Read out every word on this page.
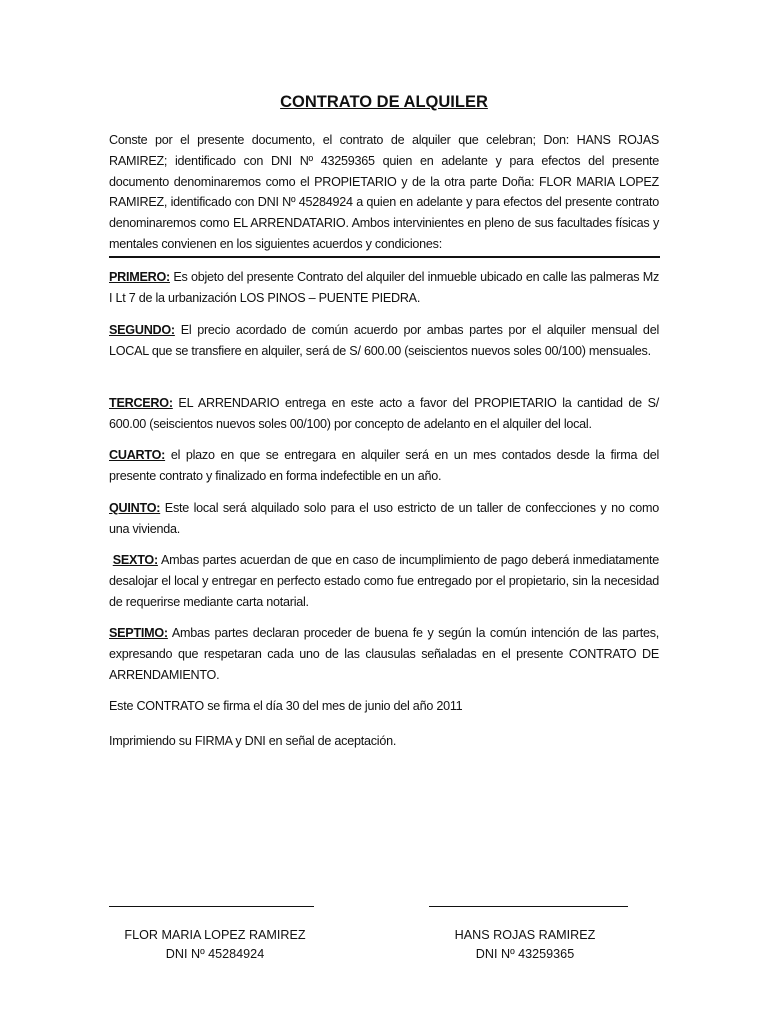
CONTRATO DE ALQUILER
Conste por el presente documento, el contrato de alquiler que celebran; Don: HANS ROJAS RAMIREZ; identificado con DNI Nº 43259365 quien en adelante y para efectos del presente documento denominaremos como el PROPIETARIO y de la otra parte Doña: FLOR MARIA LOPEZ RAMIREZ, identificado con DNI Nº 45284924 a quien en adelante y para efectos del presente contrato denominaremos como EL ARRENDATARIO. Ambos intervinientes en pleno de sus facultades físicas y mentales convienen en los siguientes acuerdos y condiciones:
PRIMERO: Es objeto del presente Contrato del alquiler del inmueble ubicado en calle las palmeras Mz I Lt 7 de la urbanización LOS PINOS – PUENTE PIEDRA.
SEGUNDO: El precio acordado de común acuerdo por ambas partes por el alquiler mensual del LOCAL que se transfiere en alquiler, será de S/ 600.00 (seiscientos nuevos soles 00/100) mensuales.
TERCERO: EL ARRENDARIO entrega en este acto a favor del PROPIETARIO la cantidad de S/ 600.00 (seiscientos nuevos soles 00/100) por concepto de adelanto en el alquiler del local.
CUARTO: el plazo en que se entregara en alquiler será en un mes contados desde la firma del presente contrato y finalizado en forma indefectible en un año.
QUINTO: Este local será alquilado solo para el uso estricto de un taller de confecciones y no como una vivienda.
SEXTO: Ambas partes acuerdan de que en caso de incumplimiento de pago deberá inmediatamente desalojar el local y entregar en perfecto estado como fue entregado por el propietario, sin la necesidad de requerirse mediante carta notarial.
SEPTIMO: Ambas partes declaran proceder de buena fe y según la común intención de las partes, expresando que respetaran cada uno de las clausulas señaladas en el presente CONTRATO DE ARRENDAMIENTO.
Este CONTRATO se firma el día 30 del mes de junio del año 2011
Imprimiendo su FIRMA y DNI en señal de aceptación.
FLOR MARIA LOPEZ RAMIREZ
DNI Nº 45284924
HANS ROJAS RAMIREZ
DNI Nº 43259365
